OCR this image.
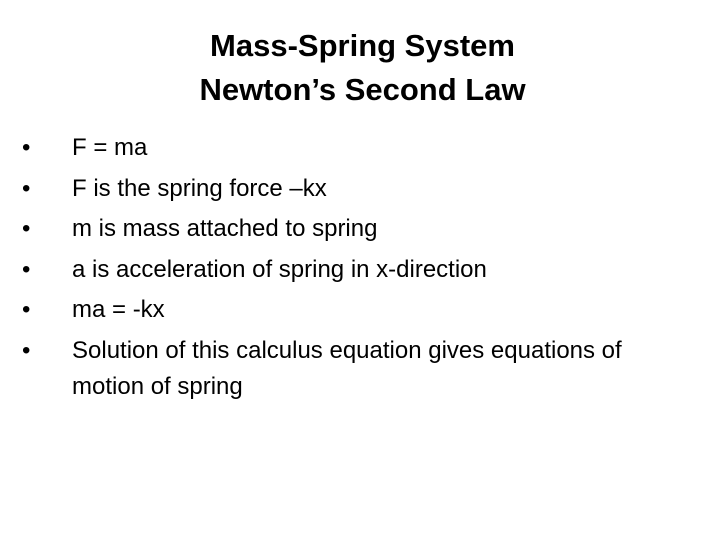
Mass-Spring System
Newton’s Second Law
•	F = ma
•	F is the spring force –kx
•	m is mass attached to spring
•	a is acceleration of spring in x-direction
•	ma = -kx
•	Solution of this calculus equation gives equations of motion of spring
